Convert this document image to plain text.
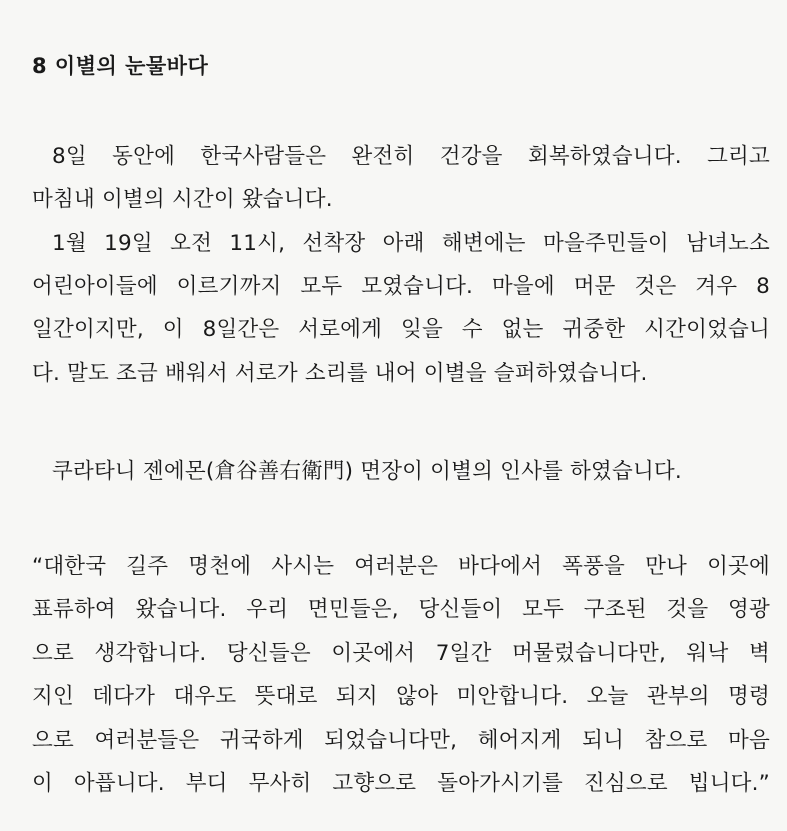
8 이별의 눈물바다
8일 동안에 한국사람들은 완전히 건강을 회복하였습니다. 그리고
마침내 이별의 시간이 왔습니다.
1월 19일 오전 11시, 선착장 아래 해변에는 마을주민들이 남녀노소
어린아이들에 이르기까지 모두 모였습니다. 마을에 머문 것은 겨우 8
일간이지만, 이 8일간은 서로에게 잊을 수 없는 귀중한 시간이었습니
다. 말도 조금 배워서 서로가 소리를 내어 이별을 슬퍼하였습니다.
쿠라타니 젠에몬(倉谷善右衛門) 면장이 이별의 인사를 하였습니다.
“대한국 길주 명천에 사시는 여러분은 바다에서 폭풍을 만나 이곳에
표류하여 왔습니다. 우리 면민들은, 당신들이 모두 구조된 것을 영광
으로 생각합니다. 당신들은 이곳에서 7일간 머물렀습니다만, 워낙 벽
지인 데다가 대우도 뜻대로 되지 않아 미안합니다. 오늘 관부의 명령
으로 여러분들은 귀국하게 되었습니다만, 헤어지게 되니 참으로 마음
이 아픕니다. 부디 무사히 고향으로 돌아가시기를 진심으로 빕니다.”
